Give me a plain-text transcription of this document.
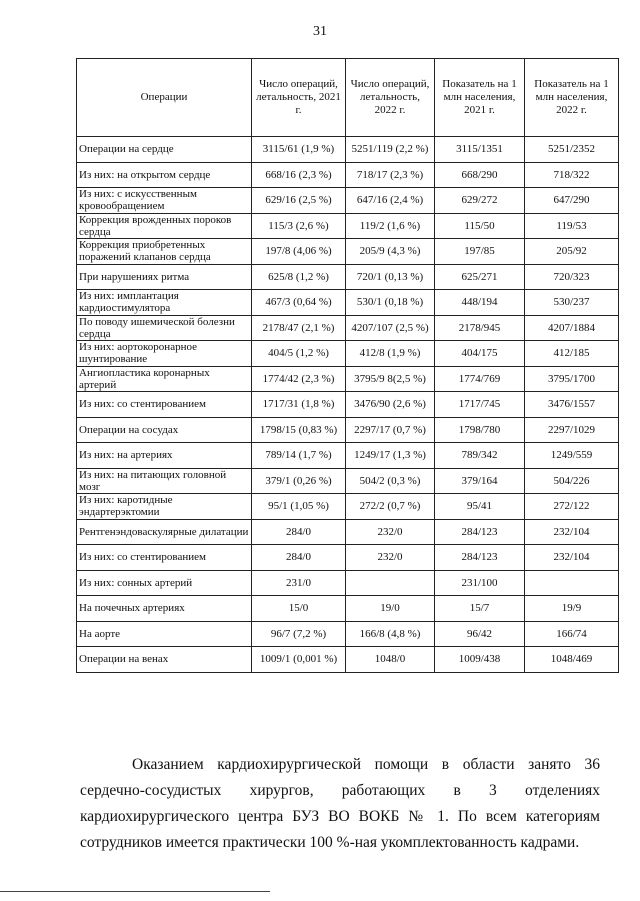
31
Операции	Число операций, летальность, 2021 г.	Число операций, летальность, 2022 г.	Показатель на 1 млн населения, 2021 г.	Показатель на 1 млн населения, 2022 г.
Операции на сердце	3115/61 (1,9 %)	5251/119 (2,2 %)	3115/1351	5251/2352
Из них: на открытом сердце	668/16 (2,3 %)	718/17 (2,3 %)	668/290	718/322
Из них: с искусственным кровообращением	629/16 (2,5 %)	647/16 (2,4 %)	629/272	647/290
Коррекция врожденных пороков сердца	115/3 (2,6 %)	119/2 (1,6 %)	115/50	119/53
Коррекция приобретенных поражений клапанов сердца	197/8 (4,06 %)	205/9 (4,3 %)	197/85	205/92
При нарушениях ритма	625/8 (1,2 %)	720/1 (0,13 %)	625/271	720/323
Из них: имплантация кардиостимулятора	467/3 (0,64 %)	530/1 (0,18 %)	448/194	530/237
По поводу ишемической болезни сердца	2178/47 (2,1 %)	4207/107 (2,5 %)	2178/945	4207/1884
Из них: аортокоронарное шунтирование	404/5 (1,2 %)	412/8 (1,9 %)	404/175	412/185
Ангиопластика коронарных артерий	1774/42 (2,3 %)	3795/9 8(2,5 %)	1774/769	3795/1700
Из них: со стентированием	1717/31 (1,8 %)	3476/90 (2,6 %)	1717/745	3476/1557
Операции на сосудах	1798/15 (0,83 %)	2297/17 (0,7 %)	1798/780	2297/1029
Из них: на артериях	789/14 (1,7 %)	1249/17 (1,3 %)	789/342	1249/559
Из них: на питающих головной мозг	379/1 (0,26 %)	504/2 (0,3 %)	379/164	504/226
Из них: каротидные эндартерэктомии	95/1 (1,05 %)	272/2 (0,7 %)	95/41	272/122
Рентгенэндоваскулярные дилатации	284/0	232/0	284/123	232/104
Из них: со стентированием	284/0	232/0	284/123	232/104
Из них: сонных артерий	231/0		231/100	
На почечных артериях	15/0	19/0	15/7	19/9
На аорте	96/7 (7,2 %)	166/8 (4,8 %)	96/42	166/74
Операции на венах	1009/1 (0,001 %)	1048/0	1009/438	1048/469

Оказанием кардиохирургической помощи в области занято 36 сердечно-сосудистых хирургов, работающих в 3 отделениях кардиохирургического центра БУЗ ВО ВОКБ № 1. По всем категориям сотрудников имеется практически 100 %-ная укомплектованность кадрами.
